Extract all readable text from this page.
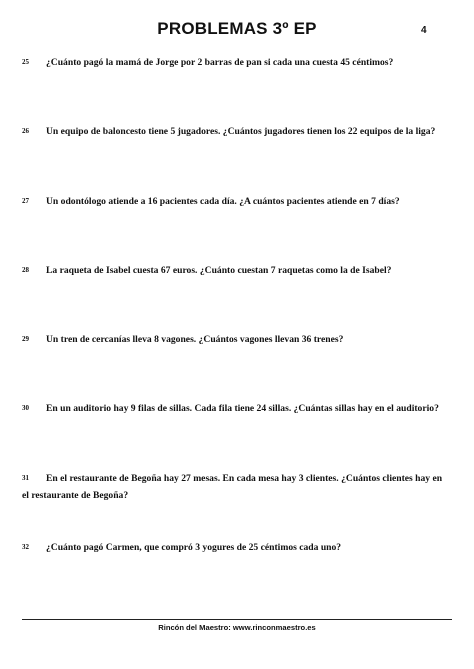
PROBLEMAS 3º EP	4
25 ¿Cuánto pagó la mamá de Jorge por 2 barras de pan si cada una cuesta 45 céntimos?
26 Un equipo de baloncesto tiene 5 jugadores. ¿Cuántos jugadores tienen los 22 equipos de la liga?
27 Un odontólogo atiende a 16 pacientes cada día. ¿A cuántos pacientes atiende en 7 días?
28 La raqueta de Isabel cuesta 67 euros. ¿Cuánto cuestan 7 raquetas como la de Isabel?
29 Un tren de cercanías lleva 8 vagones. ¿Cuántos vagones llevan 36 trenes?
30 En un auditorio hay 9 filas de sillas. Cada fila tiene 24 sillas. ¿Cuántas sillas hay en el auditorio?
31 En el restaurante de Begoña hay 27 mesas. En cada mesa hay 3 clientes. ¿Cuántos clientes hay en el restaurante de Begoña?
32 ¿Cuánto pagó Carmen, que compró 3 yogures de 25 céntimos cada uno?
Rincón del Maestro: www.rinconmaestro.es
